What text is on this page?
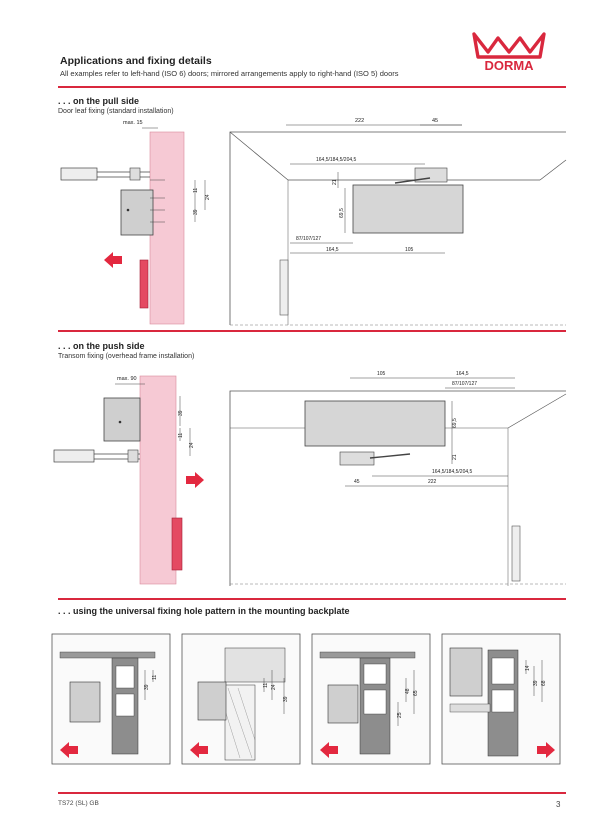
Applications and fixing details
All examples refer to left-hand (ISO 6) doors; mirrored arrangements apply to right-hand (ISO 5) doors
DORMA
. . . on the pull side
Door leaf fixing (standard installation)
max. 15
11
24
39
222	45
164,5/184,5/204,5
21
69,5
87/107/127
164,5	105
. . . on the push side
Transom fixing (overhead frame installation)
max. 90
39
11
24
105	164,5
87/107/127
69,5
21
164,5/184,5/204,5
45	222
. . . using the universal fixing hole pattern in the mounting backplate
39
11
24
11
39
25
48 65
14
39 68
TS72 (SL) GB	3
